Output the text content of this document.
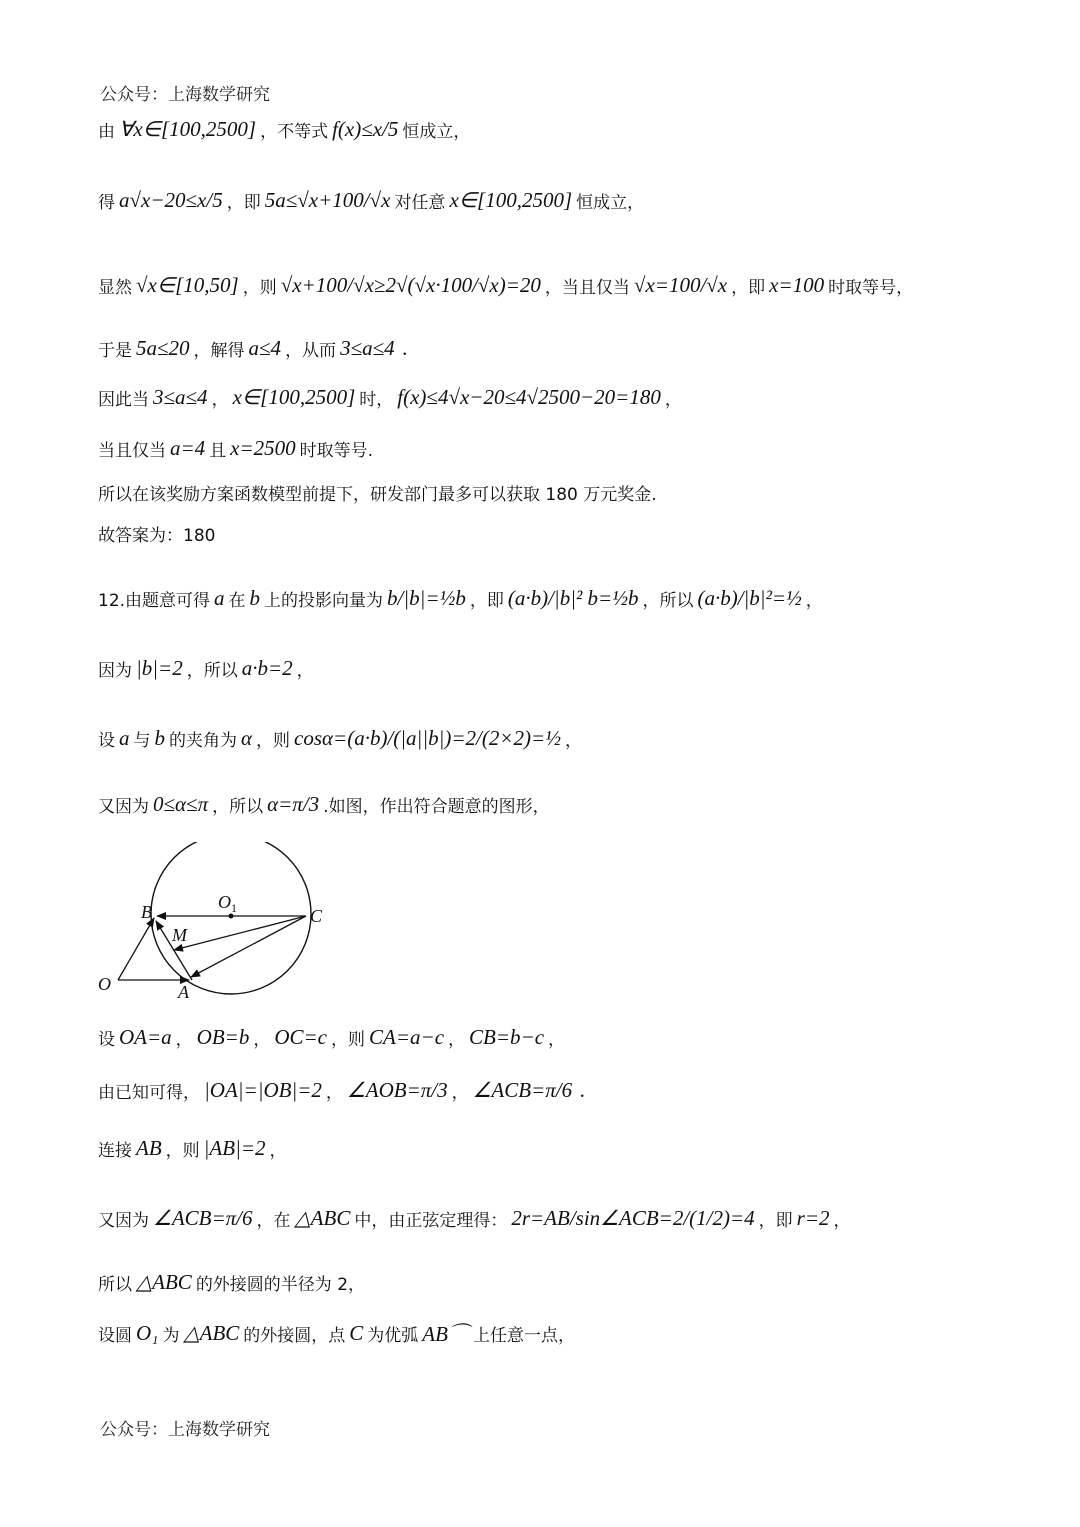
公众号：上海数学研究
由 ∀x∈[100,2500] ，不等式 f(x)≤x/5 恒成立，
得 a√x−20≤x/5 ，即 5a≤√x+100/√x 对任意 x∈[100,2500] 恒成立，
显然 √x∈[10,50] ，则 √x+100/√x≥2√(√x·100/√x)=20 ，当且仅当 √x=100/√x ，即 x=100 时取等号，
于是 5a≤20 ，解得 a≤4 ，从而 3≤a≤4 .
因此当 3≤a≤4 ， x∈[100,2500] 时， f(x)≤4√x−20≤4√2500−20=180 ，
当且仅当 a=4 且 x=2500 时取等号.
所以在该奖励方案函数模型前提下，研发部门最多可以获取 180 万元奖金.
故答案为：180
12.由题意可得 a 在 b 上的投影向量为 b/|b|=½b ，即 (a·b)/|b|² b=½b ，所以 (a·b)/|b|²=½ ，
因为 |b|=2 ，所以 a·b=2 ，
设 a 与 b 的夹角为 α ，则 cosα=(a·b)/(|a||b|)=2/(2×2)=½ ，
又因为 0≤α≤π ，所以 α=π/3 .如图，作出符合题意的图形，
设 OA=a ， OB=b ， OC=c ，则 CA=a−c ， CB=b−c ，
由已知可得， |OA|=|OB|=2 ， ∠AOB=π/3 ， ∠ACB=π/6 .
连接 AB ，则 |AB|=2 ，
又因为 ∠ACB=π/6 ，在 △ABC 中，由正弦定理得： 2r=AB/sin∠ACB=2/(1/2)=4 ，即 r=2 ，
所以 △ABC 的外接圆的半径为 2，
设圆 O₁ 为 △ABC 的外接圆，点 C 为优弧 AB⌒ 上任意一点，
B	O 1	C
M
O	A
公众号：上海数学研究
